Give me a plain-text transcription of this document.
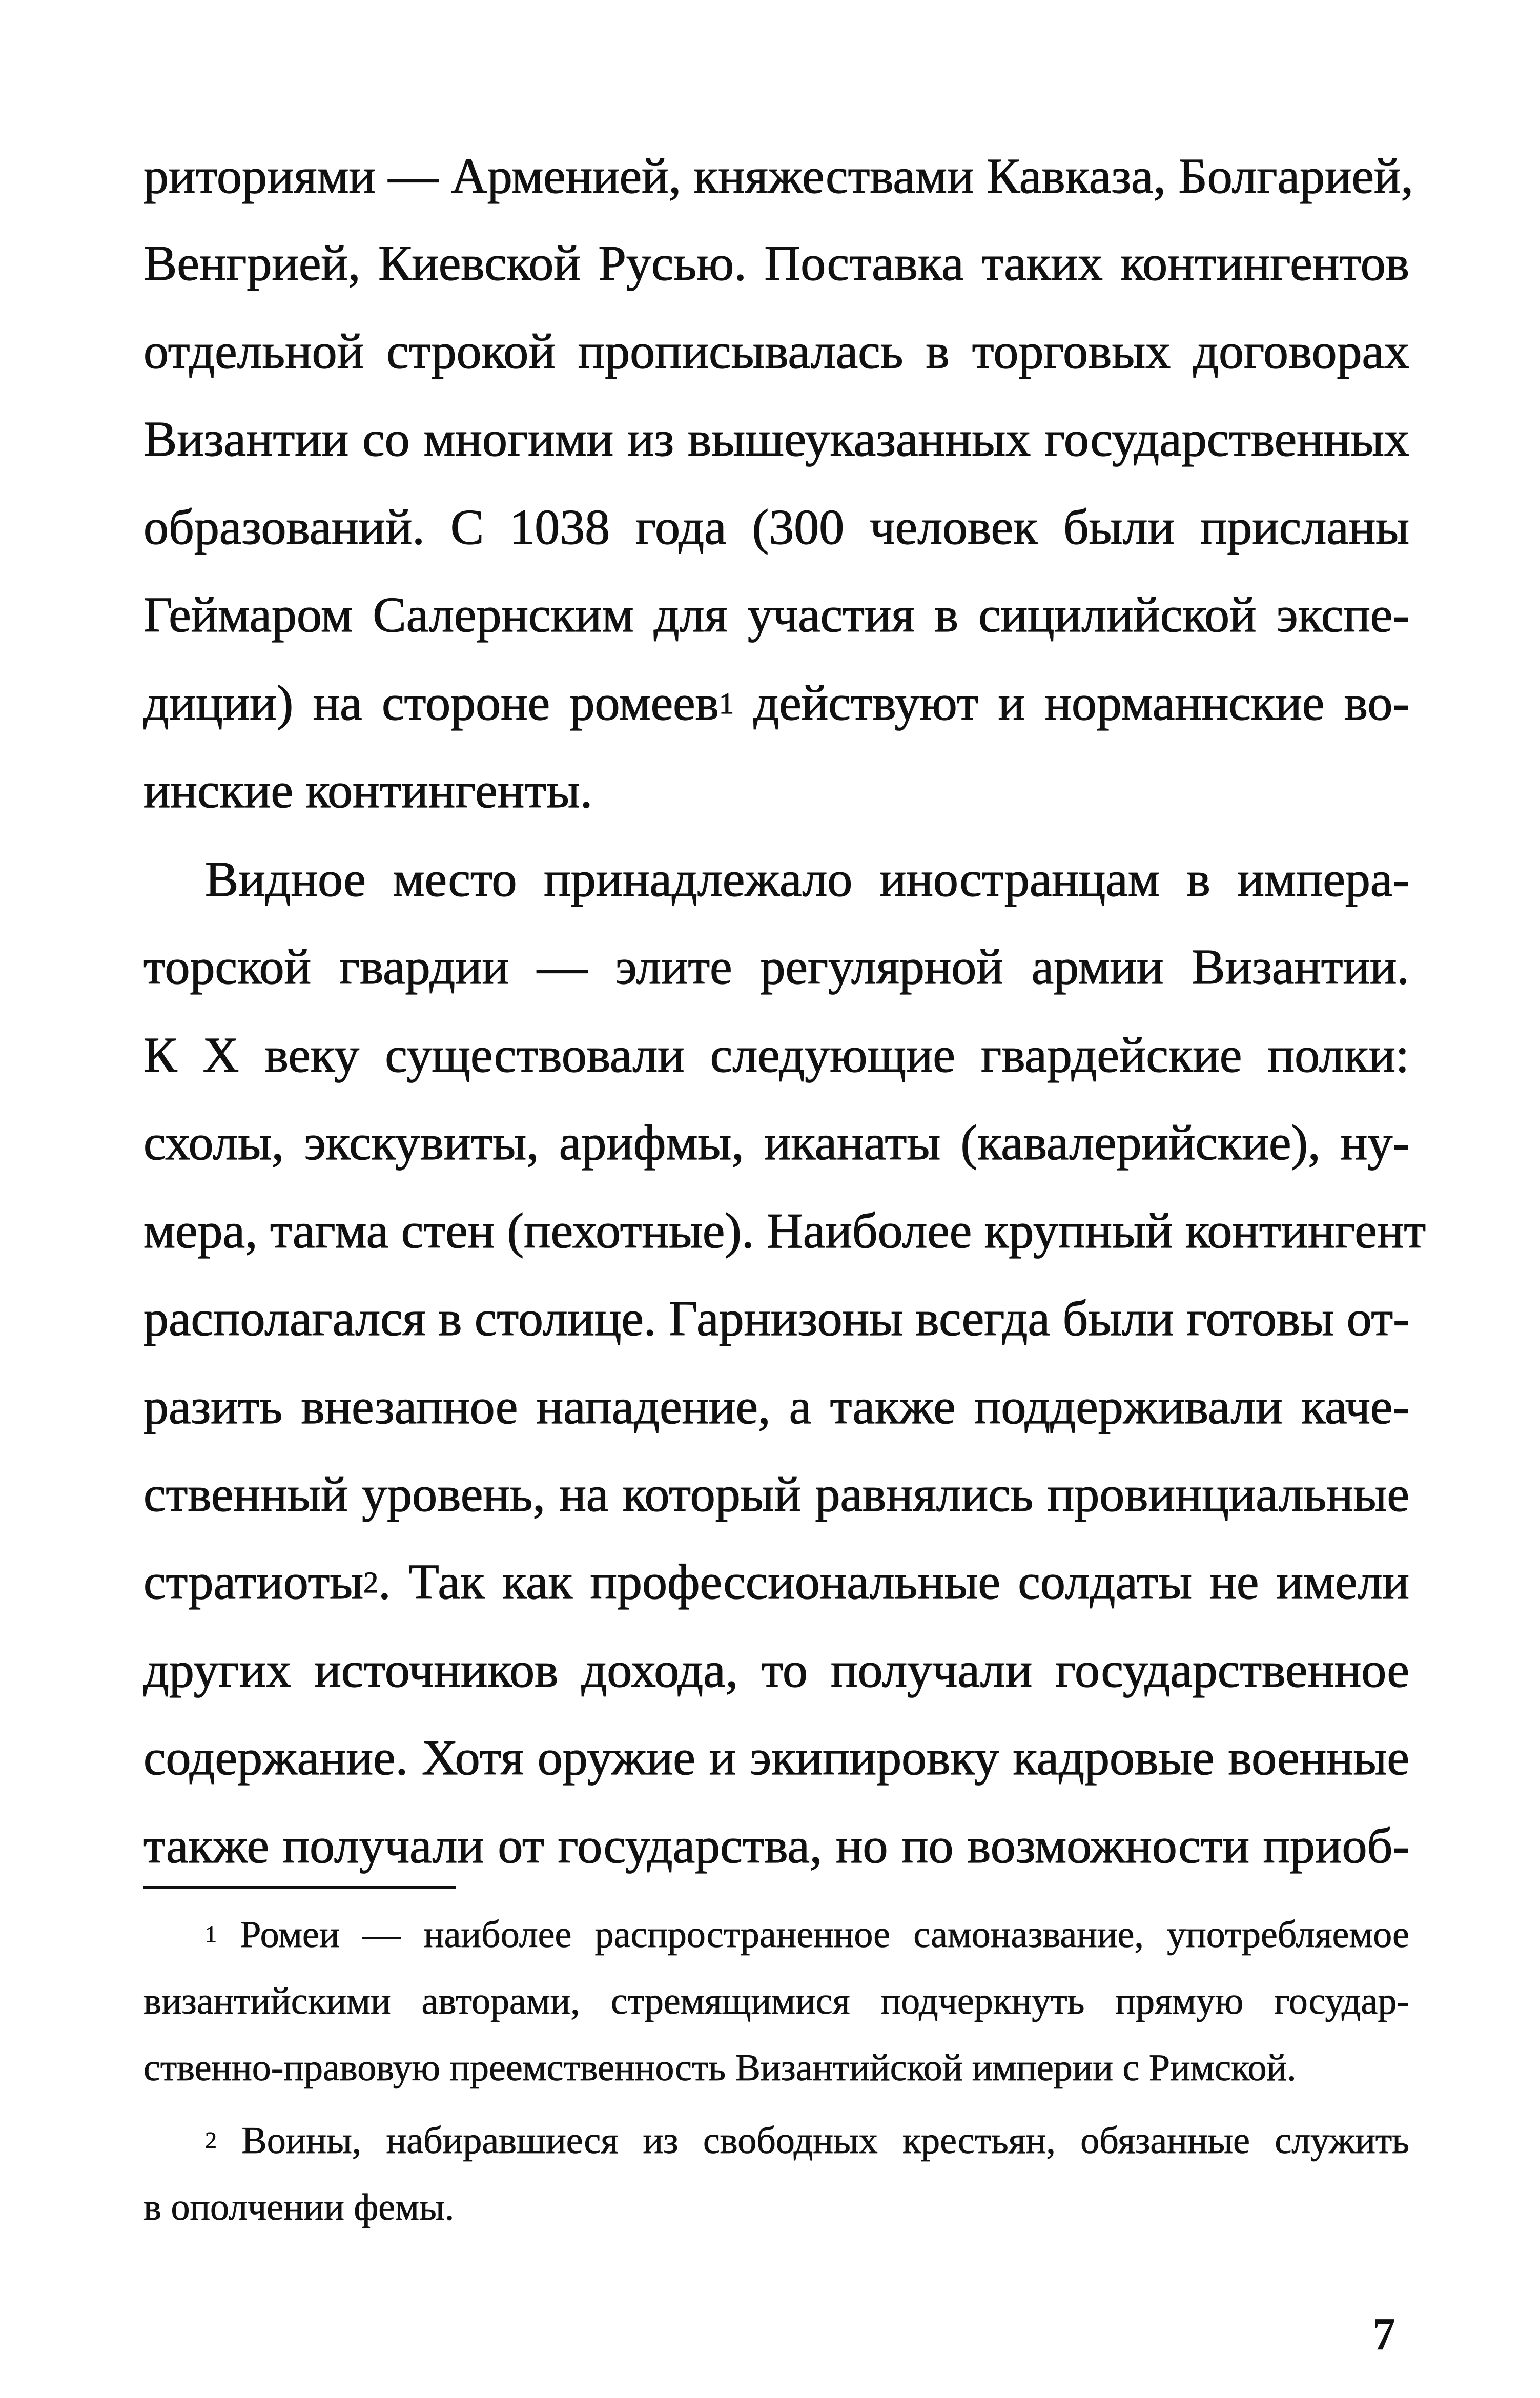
риториями — Арменией, княжествами Кавказа, Болгарией,
Венгрией, Киевской Русью. Поставка таких контингентов
отдельной строкой прописывалась в торговых договорах
Византии со многими из вышеуказанных государственных
образований. С 1038 года (300 человек были присланы
Геймаром Салернским для участия в сицилийской экспе-
диции) на стороне ромеев$^1$ действуют и норманнские во-
инские контингенты.
Видное место принадлежало иностранцам в импера-
торской гвардии — элите регулярной армии Византии.
К X веку существовали следующие гвардейские полки:
схолы, экскувиты, арифмы, иканаты (кавалерийские), ну-
мера, тагма стен (пехотные). Наиболее крупный контингент
располагался в столице. Гарнизоны всегда были готовы от-
разить внезапное нападение, а также поддерживали каче-
ственный уровень, на который равнялись провинциальные
стратиоты$^2$. Так как профессиональные солдаты не имели
других источников дохода, то получали государственное
содержание. Хотя оружие и экипировку кадровые военные
также получали от государства, но по возможности приоб-
$^1$ Ромеи — наиболее распространенное самоназвание, употребляемое
византийскими авторами, стремящимися подчеркнуть прямую государ-
ственно-правовую преемственность Византийской империи с Римской.
$^2$ Воины, набиравшиеся из свободных крестьян, обязанные служить
в ополчении фемы.
7
